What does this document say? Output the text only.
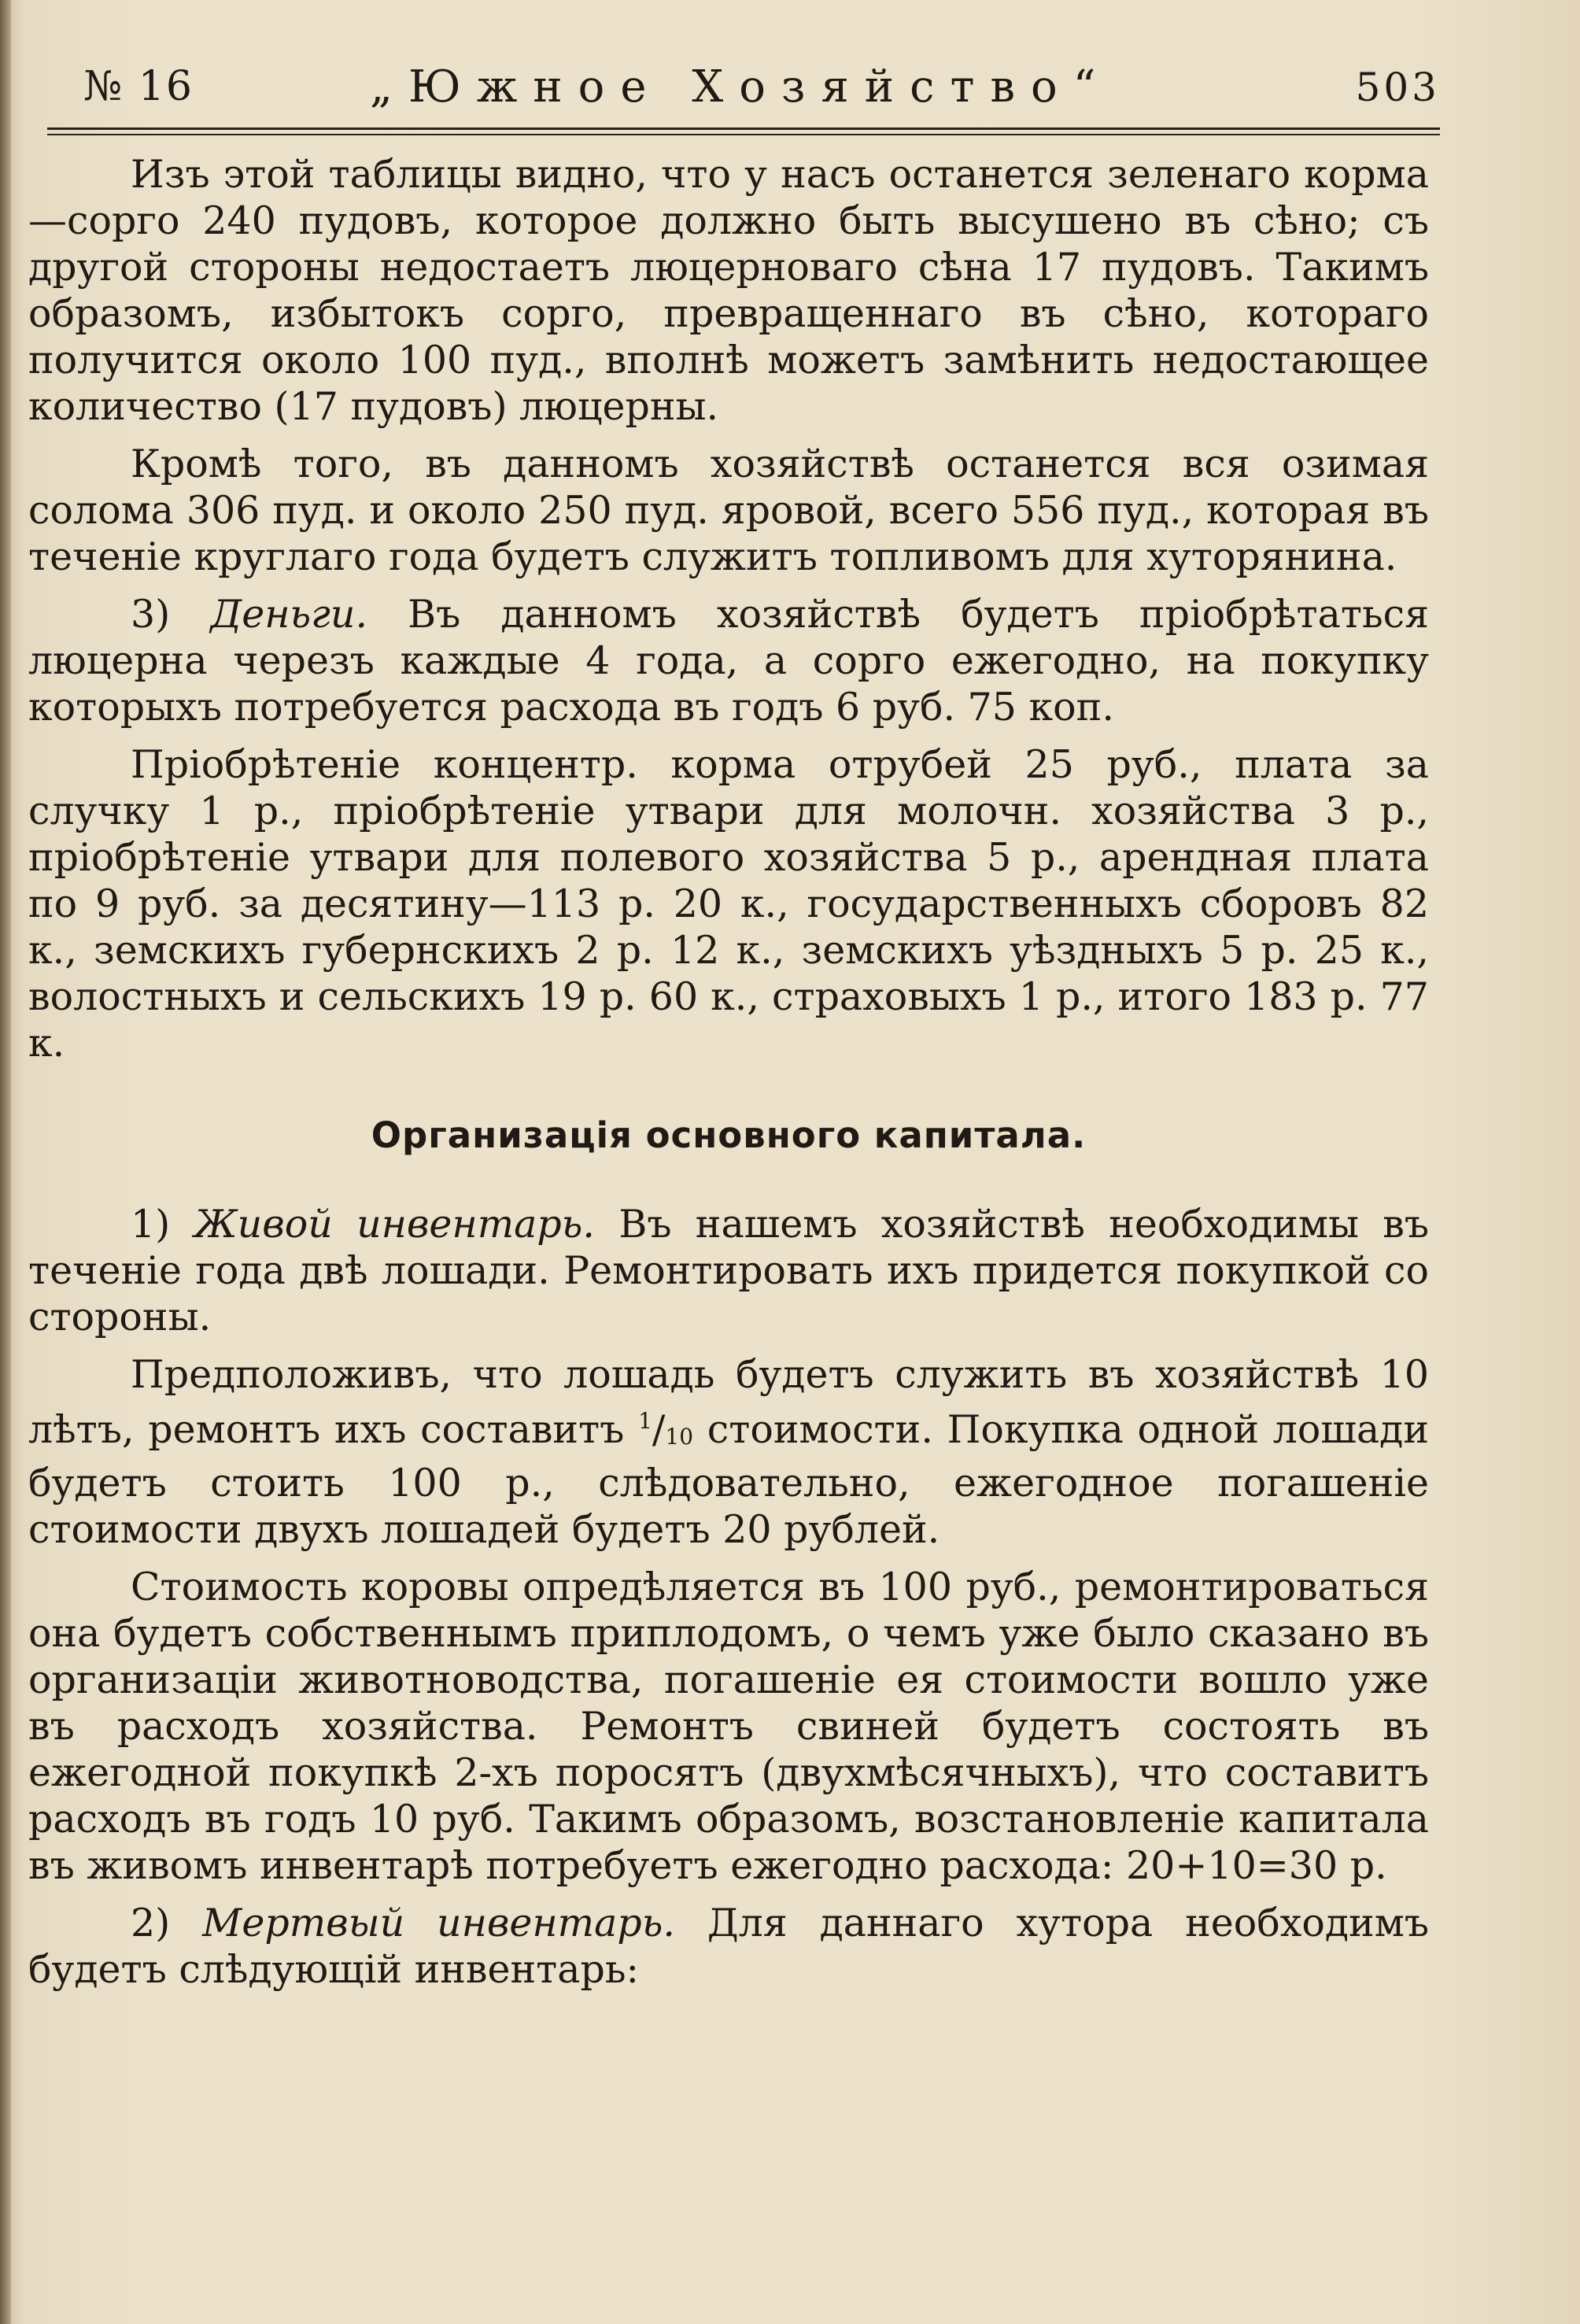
№ 16	„Южное Хозяйство“	503

Изъ этой таблицы видно, что у насъ останется зеленаго корма—сорго 240 пудовъ, которое должно быть высушено въ сѣно; съ другой стороны недостаетъ люцерноваго сѣна 17 пудовъ. Такимъ образомъ, избытокъ сорго, превращеннаго въ сѣно, котораго получится около 100 пуд., вполнѣ можетъ замѣнить недостающее количество (17 пудовъ) люцерны.

Кромѣ того, въ данномъ хозяйствѣ останется вся озимая солома 306 пуд. и около 250 пуд. яровой, всего 556 пуд., которая въ теченіе круглаго года будетъ служитъ топливомъ для хуторянина.

3) Деньги. Въ данномъ хозяйствѣ будетъ пріобрѣтаться люцерна черезъ каждые 4 года, а сорго ежегодно, на покупку которыхъ потребуется расхода въ годъ 6 руб. 75 коп.

Пріобрѣтеніе концентр. корма отрубей 25 руб., плата за случку 1 р., пріобрѣтеніе утвари для молочн. хозяйства 3 р., пріобрѣтеніе утвари для полевого хозяйства 5 р., арендная плата по 9 руб. за десятину—113 р. 20 к., государственныхъ сборовъ 82 к., земскихъ губернскихъ 2 р. 12 к., земскихъ уѣздныхъ 5 р. 25 к., волостныхъ и сельскихъ 19 р. 60 к., страховыхъ 1 р., итого 183 р. 77 к.

Организація основного капитала.

1) Живой инвентарь. Въ нашемъ хозяйствѣ необходимы въ теченіе года двѣ лошади. Ремонтировать ихъ придется покупкой со стороны.

Предположивъ, что лошадь будетъ служить въ хозяйствѣ 10 лѣтъ, ремонтъ ихъ составитъ $^1/_{10}$ стоимости. Покупка одной лошади будетъ стоить 100 р., слѣдовательно, ежегодное погашеніе стоимости двухъ лошадей будетъ 20 рублей.

Стоимость коровы опредѣляется въ 100 руб., ремонтироваться она будетъ собственнымъ приплодомъ, о чемъ уже было сказано въ организаціи животноводства, погашеніе ея стоимости вошло уже въ расходъ хозяйства. Ремонтъ свиней будетъ состоять въ ежегодной покупкѣ 2-хъ поросятъ (двухмѣсячныхъ), что составитъ расходъ въ годъ 10 руб. Такимъ образомъ, возстановленіе капитала въ живомъ инвентарѣ потребуетъ ежегодно расхода: 20+10=30 р.

2) Мертвый инвентарь. Для даннаго хутора необходимъ будетъ слѣдующій инвентарь:
